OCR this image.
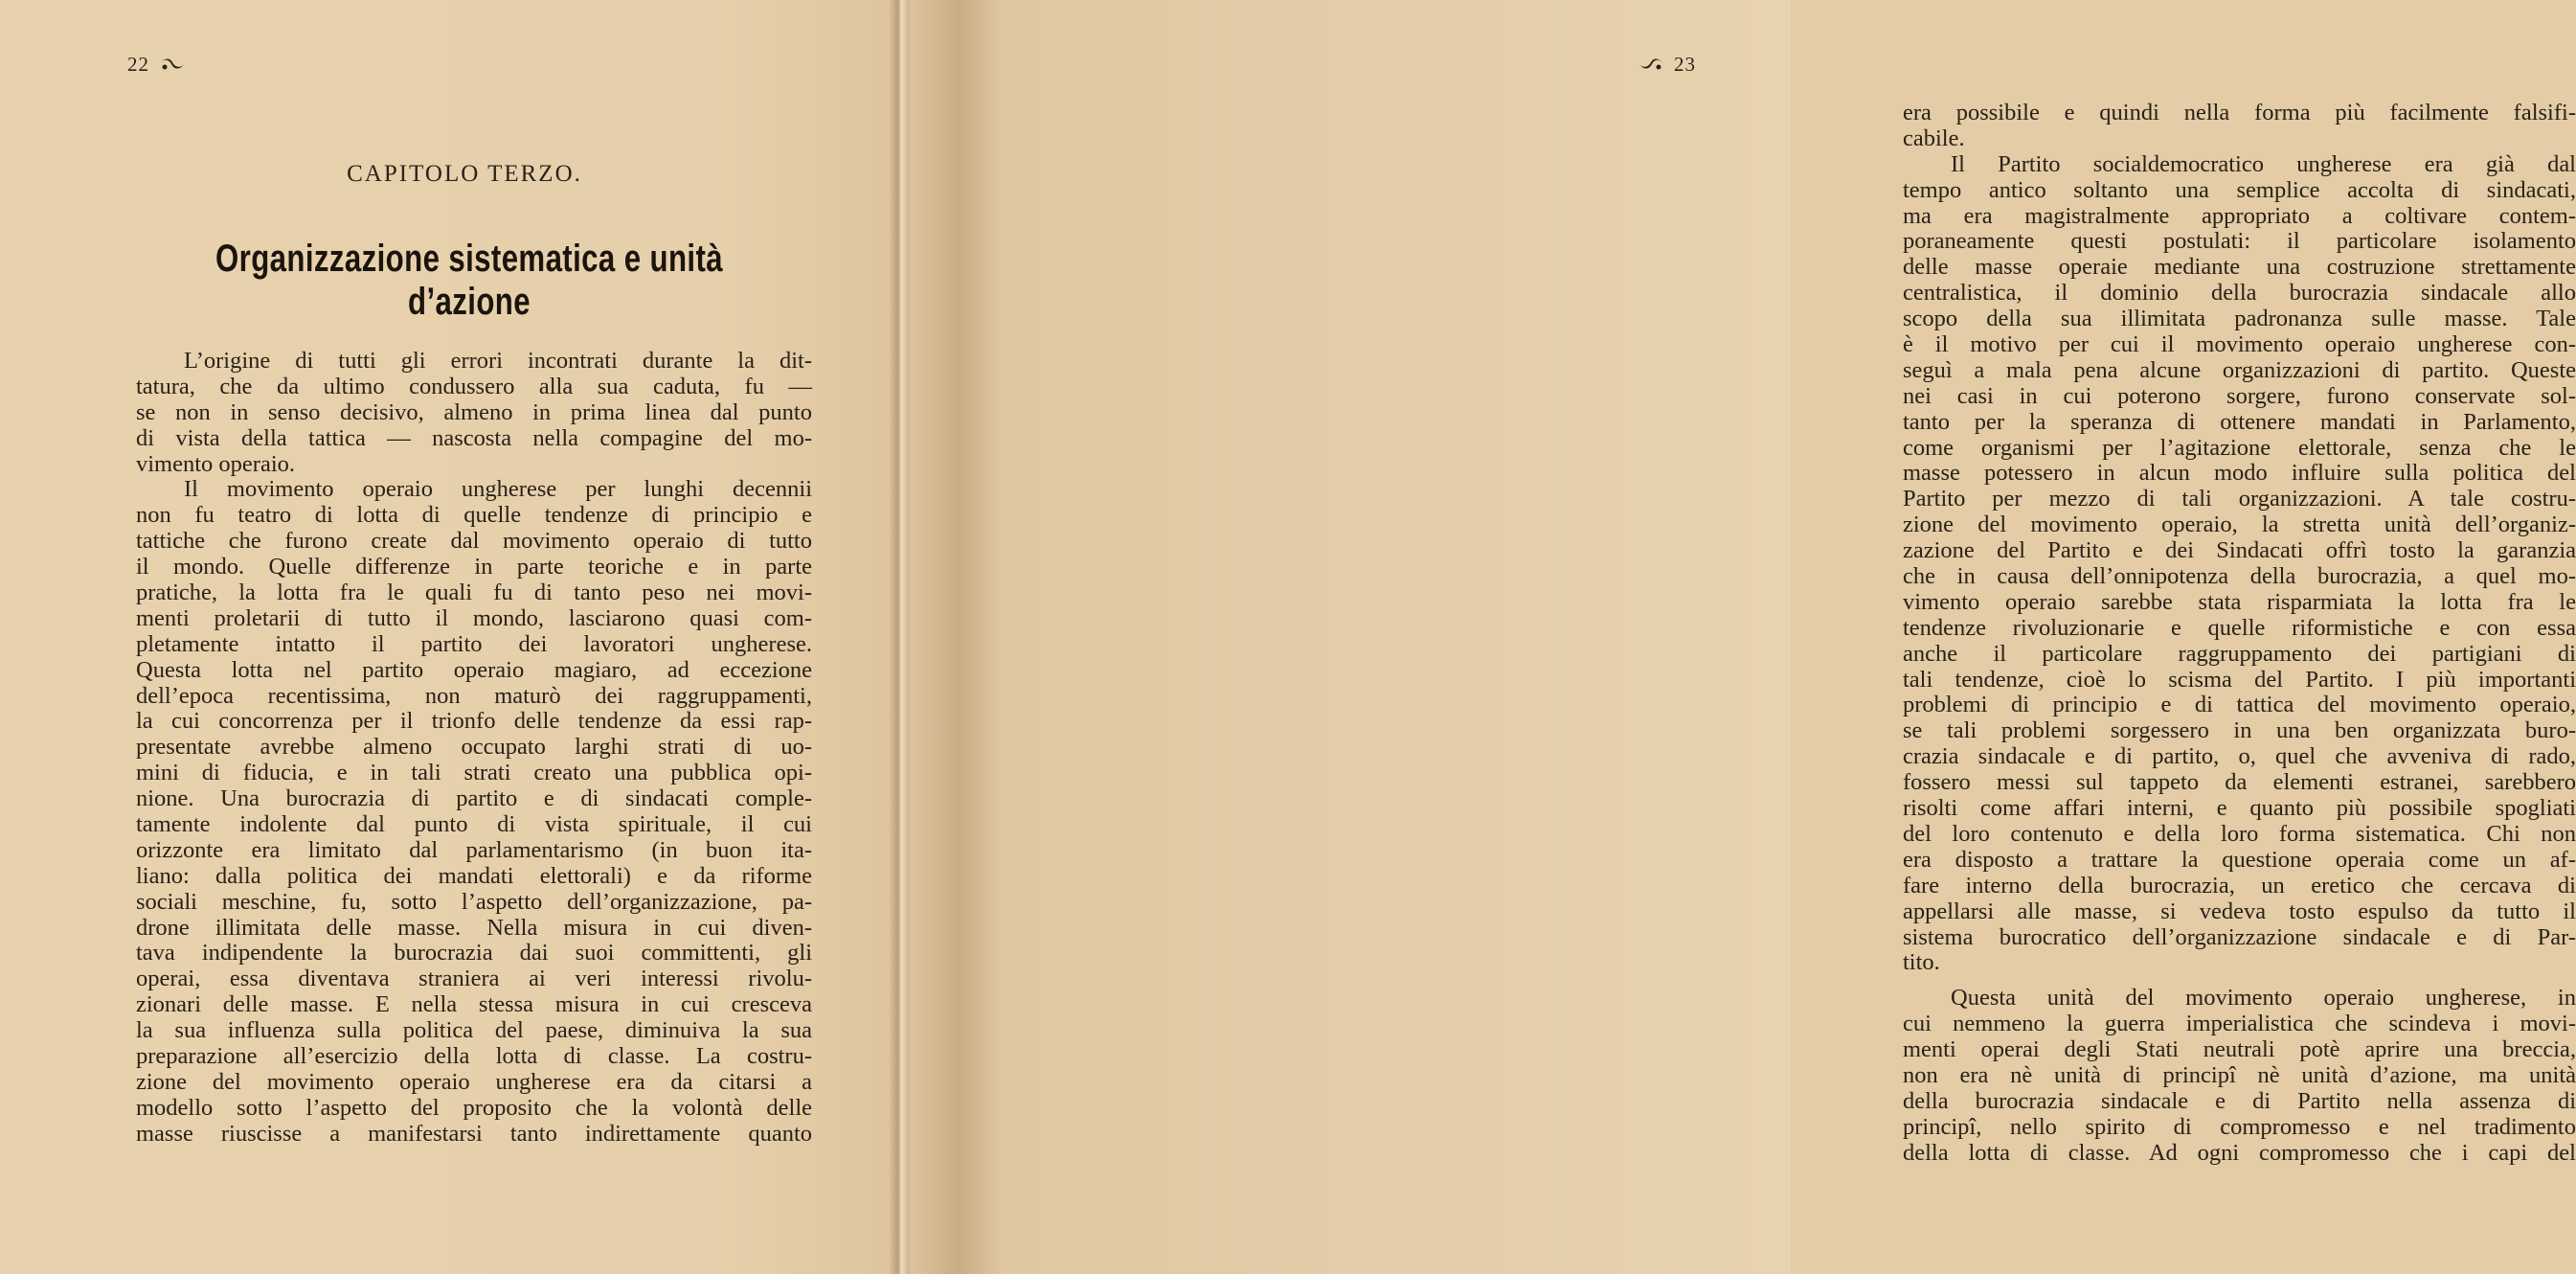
22
CAPITOLO TERZO.
Organizzazione sistematica e unità d’azione
L’origine di tutti gli errori incontrati durante la dit-
tatura, che da ultimo condussero alla sua caduta, fu —
se non in senso decisivo, almeno in prima linea dal punto
di vista della tattica — nascosta nella compagine del mo-
vimento operaio.
Il movimento operaio ungherese per lunghi decennii
non fu teatro di lotta di quelle tendenze di principio e
tattiche che furono create dal movimento operaio di tutto
il mondo. Quelle differenze in parte teoriche e in parte
pratiche, la lotta fra le quali fu di tanto peso nei movi-
menti proletarii di tutto il mondo, lasciarono quasi com-
pletamente intatto il partito dei lavoratori ungherese.
Questa lotta nel partito operaio magiaro, ad eccezione
dell’epoca recentissima, non maturò dei raggruppamenti,
la cui concorrenza per il trionfo delle tendenze da essi rap-
presentate avrebbe almeno occupato larghi strati di uo-
mini di fiducia, e in tali strati creato una pubblica opi-
nione. Una burocrazia di partito e di sindacati comple-
tamente indolente dal punto di vista spirituale, il cui
orizzonte era limitato dal parlamentarismo (in buon ita-
liano: dalla politica dei mandati elettorali) e da riforme
sociali meschine, fu, sotto l’aspetto dell’organizzazione, pa-
drone illimitata delle masse. Nella misura in cui diven-
tava indipendente la burocrazia dai suoi committenti, gli
operai, essa diventava straniera ai veri interessi rivolu-
zionari delle masse. E nella stessa misura in cui cresceva
la sua influenza sulla politica del paese, diminuiva la sua
preparazione all’esercizio della lotta di classe. La costru-
zione del movimento operaio ungherese era da citarsi a
modello sotto l’aspetto del proposito che la volontà delle
masse riuscisse a manifestarsi tanto indirettamente quanto
23
era possibile e quindi nella forma più facilmente falsifi-
cabile.
Il Partito socialdemocratico ungherese era già dal
tempo antico soltanto una semplice accolta di sindacati,
ma era magistralmente appropriato a coltivare contem-
poraneamente questi postulati: il particolare isolamento
delle masse operaie mediante una costruzione strettamente
centralistica, il dominio della burocrazia sindacale allo
scopo della sua illimitata padronanza sulle masse. Tale
è il motivo per cui il movimento operaio ungherese con-
seguì a mala pena alcune organizzazioni di partito. Queste
nei casi in cui poterono sorgere, furono conservate sol-
tanto per la speranza di ottenere mandati in Parlamento,
come organismi per l’agitazione elettorale, senza che le
masse potessero in alcun modo influire sulla politica del
Partito per mezzo di tali organizzazioni. A tale costru-
zione del movimento operaio, la stretta unità dell’organiz-
zazione del Partito e dei Sindacati offrì tosto la garanzia
che in causa dell’onnipotenza della burocrazia, a quel mo-
vimento operaio sarebbe stata risparmiata la lotta fra le
tendenze rivoluzionarie e quelle riformistiche e con essa
anche il particolare raggruppamento dei partigiani di
tali tendenze, cioè lo scisma del Partito. I più importanti
problemi di principio e di tattica del movimento operaio,
se tali problemi sorgessero in una ben organizzata buro-
crazia sindacale e di partito, o, quel che avveniva di rado,
fossero messi sul tappeto da elementi estranei, sarebbero
risolti come affari interni, e quanto più possibile spogliati
del loro contenuto e della loro forma sistematica. Chi non
era disposto a trattare la questione operaia come un af-
fare interno della burocrazia, un eretico che cercava di
appellarsi alle masse, si vedeva tosto espulso da tutto il
sistema burocratico dell’organizzazione sindacale e di Par-
tito.
Questa unità del movimento operaio ungherese, in
cui nemmeno la guerra imperialistica che scindeva i movi-
menti operai degli Stati neutrali potè aprire una breccia,
non era nè unità di principî nè unità d’azione, ma unità
della burocrazia sindacale e di Partito nella assenza di
principî, nello spirito di compromesso e nel tradimento
della lotta di classe. Ad ogni compromesso che i capi del
